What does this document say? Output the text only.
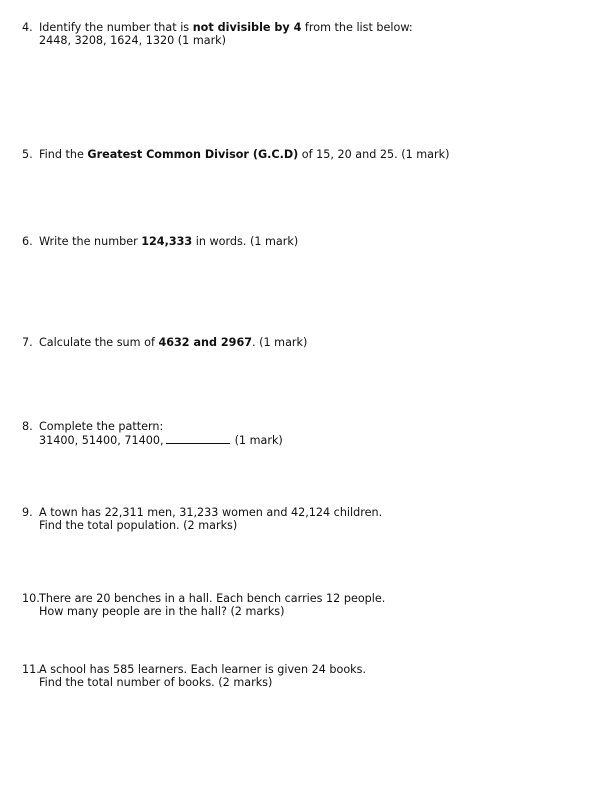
4. Identify the number that is not divisible by 4 from the list below:
2448, 3208, 1624, 1320 (1 mark)
5. Find the Greatest Common Divisor (G.C.D) of 15, 20 and 25. (1 mark)
6. Write the number 124,333 in words. (1 mark)
7. Calculate the sum of 4632 and 2967. (1 mark)
8. Complete the pattern:
31400, 51400, 71400,	(1 mark)
9. A town has 22,311 men, 31,233 women and 42,124 children.
Find the total population. (2 marks)
10. There are 20 benches in a hall. Each bench carries 12 people.
How many people are in the hall? (2 marks)
11. A school has 585 learners. Each learner is given 24 books.
Find the total number of books. (2 marks)
